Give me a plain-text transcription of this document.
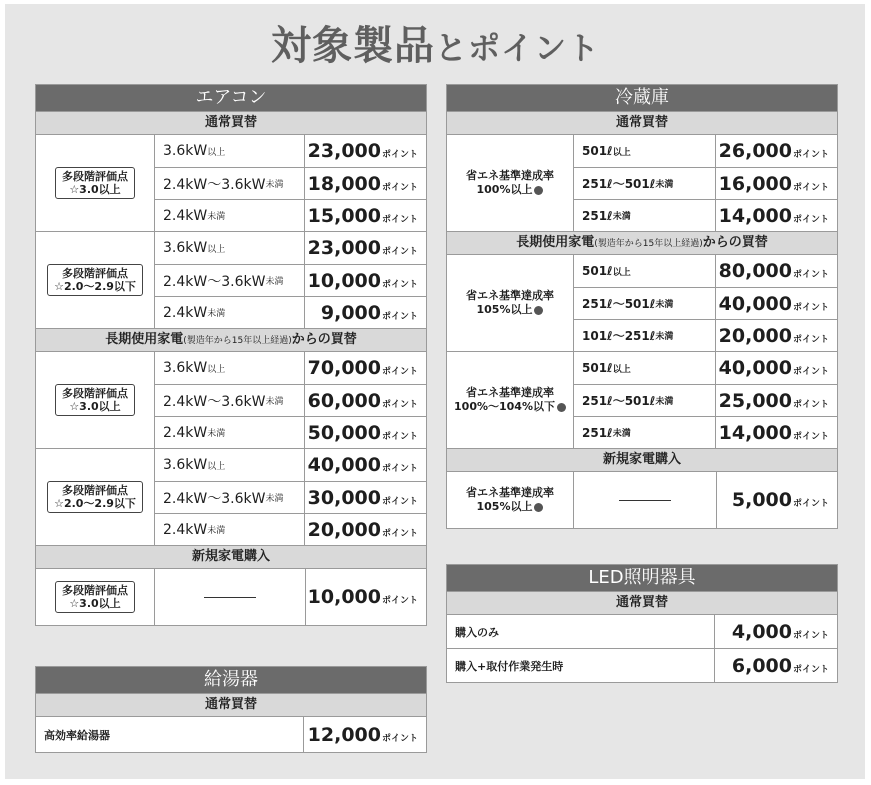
対象製品とポイント
エアコン
通常買替
多段階評価点
☆3.0以上
3.6kW 以上	23,000 ポイント
2.4kW〜3.6kW 未満 18,000 ポイント
2.4kW 未満	15,000 ポイント
多段階評価点
☆2.0〜2.9以下
3.6kW 以上	23,000 ポイント
2.4kW〜3.6kW 未満 10,000 ポイント
2.4kW 未満	9,000 ポイント
長期使用家電(製造年から15年以上経過)からの買替
多段階評価点
☆3.0以上
3.6kW 以上	70,000 ポイント
2.4kW〜3.6kW 未満 60,000 ポイント
2.4kW 未満	50,000 ポイント
多段階評価点
☆2.0〜2.9以下
3.6kW 以上	40,000 ポイント
2.4kW〜3.6kW 未満 30,000 ポイント
2.4kW 未満	20,000 ポイント
新規家電購入
多段階評価点
☆3.0以上	10,000 ポイント
給湯器
通常買替
高効率給湯器	12,000 ポイント
冷蔵庫
通常買替
省エネ基準達成率
100%以上
501ℓ 以上	26,000 ポイント
251ℓ〜501ℓ 未満 16,000 ポイント
251ℓ 未満	14,000 ポイント
長期使用家電(製造年から15年以上経過)からの買替
省エネ基準達成率
105%以上
501ℓ 以上	80,000 ポイント
251ℓ〜501ℓ 未満 40,000 ポイント
101ℓ〜251ℓ 未満 20,000 ポイント
省エネ基準達成率
100%〜104%以下
501ℓ 以上	40,000 ポイント
251ℓ〜501ℓ 未満 25,000 ポイント
251ℓ 未満	14,000 ポイント
新規家電購入
省エネ基準達成率
105%以上	5,000 ポイント
LED照明器具
通常買替
購入のみ	4,000 ポイント
購入+取付作業発生時	6,000 ポイント
